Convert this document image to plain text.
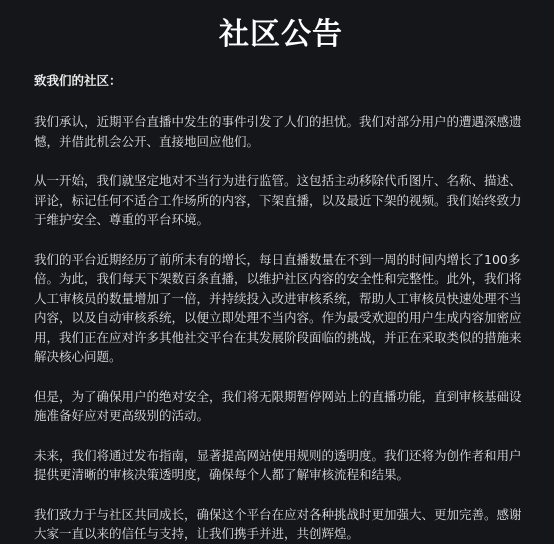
社区公告

致我们的社区：

我们承认，近期平台直播中发生的事件引发了人们的担忧。我们对部分用户的遭遇深感遗憾，并借此机会公开、直接地回应他们。

从一开始，我们就坚定地对不当行为进行监管。这包括主动移除代币图片、名称、描述、评论，标记任何不适合工作场所的内容，下架直播，以及最近下架的视频。我们始终致力于维护安全、尊重的平台环境。

我们的平台近期经历了前所未有的增长，每日直播数量在不到一周的时间内增长了100多倍。为此，我们每天下架数百条直播，以维护社区内容的安全性和完整性。此外，我们将人工审核员的数量增加了一倍，并持续投入改进审核系统，帮助人工审核员快速处理不当内容，以及自动审核系统，以便立即处理不当内容。作为最受欢迎的用户生成内容加密应用，我们正在应对许多其他社交平台在其发展阶段面临的挑战，并正在采取类似的措施来解决核心问题。

但是，为了确保用户的绝对安全，我们将无限期暂停网站上的直播功能，直到审核基础设施准备好应对更高级别的活动。

未来，我们将通过发布指南，显著提高网站使用规则的透明度。我们还将为创作者和用户提供更清晰的审核决策透明度，确保每个人都了解审核流程和结果。

我们致力于与社区共同成长，确保这个平台在应对各种挑战时更加强大、更加完善。感谢大家一直以来的信任与支持，让我们携手并进，共创辉煌。
